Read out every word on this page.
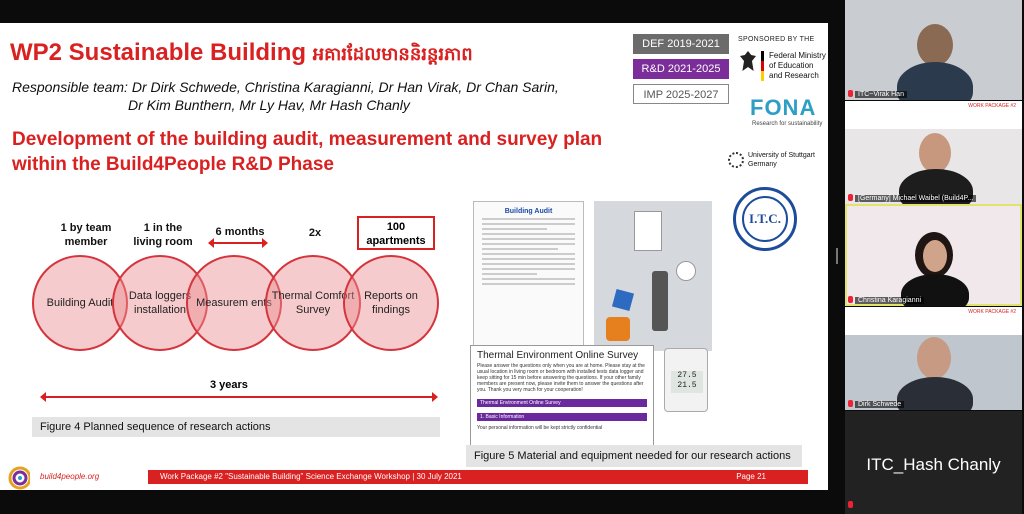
WP2 Sustainable Building អគារដែលមាននិរន្តរភាព
Responsible team: Dr Dirk Schwede, Christina Karagianni, Dr Han Virak, Dr Chan Sarin,
Dr Kim Bunthern, Mr Ly Hav, Mr Hash Chanly
Development of the building audit, measurement and survey plan
within the Build4People R&D Phase
DEF 2019-2021
R&D 2021-2025
IMP 2025-2027
SPONSORED BY THE
Federal Ministry
of Education
and Research
FONA
Research for sustainability
University of Stuttgart
Germany
I.T.C.
1 by team member
1 in the living room
6 months	2x	100 apartments
Building Audit
Data loggers installation
Measurem ents
Thermal Comfort Survey
Reports on findings
3 years
Figure 4 Planned sequence of research actions
Building Audit
Thermal Environment Online Survey
Please answer the questions only when you are at home. Please stay at the usual location in living room or bedroom with installed tests data logger and keep sitting for 15 min before answering the questions. If your other family members are present now, please invite them to answer the questions after you. Thank you very much for your cooperation!
Thermal Environment Online Survey
1. Basic Information
Your personal information will be kept strictly confidential
27.5
21.5
Figure 5 Material and equipment needed for our research actions
build4people.org	Work Package #2 "Sustainable Building" Science Exchange Workshop | 30 July 2021	Page 21
ITC~Virak Han
WORK PACKAGE #2
[Germany] Michael Waibel (Build4P...
Christina Karagianni
WORK PACKAGE #2
Dirk Schwede
ITC_Hash Chanly
